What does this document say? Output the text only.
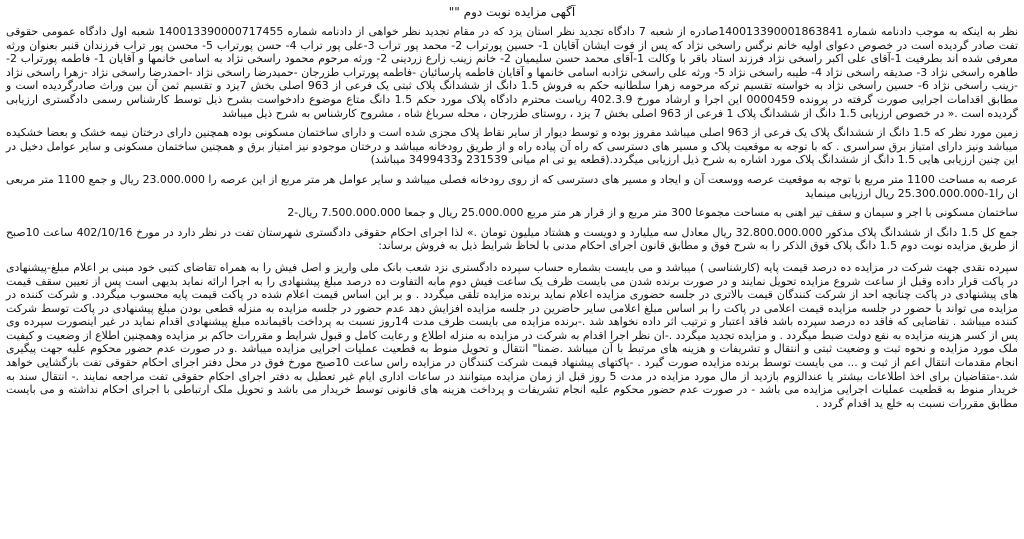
آگهی مزایده نوبت دوم ""

نظر به اینکه به موجب دادنامه شماره 140013390001863841صادره از شعبه 7 دادگاه تجدید نظر استان یزد که در مقام تجدید نظر خواهی از دادنامه شماره 140013390000717455 شعبه اول دادگاه عمومی حقوقی تفت صادر گردیده است در خصوص دعوای اولیه خانم نرگس راسخی نژاد که پس از فوت ایشان آقایان 1- حسین پورتراب 2- محمد پور تراب 3-علی پور تراب 4- حسن پورتراب 5- محسن پور تراب فرزندان قنبر بعنوان ورثه معرفی شده اند بطرفیت 1-آقای علی اکبر راسخی نژاد فرزند استاد باقر با وکالت 1-آقای محمد حسن سلیمیان 2- خانم زینب زارع زردینی 2- ورثه مرحوم محمود راسخی نژاد به اسامی خانمها و آقایان 1- فاطمه پورتراب 2- طاهره راسخی نژاد 3- صدیقه راسخی نژاد 4- طیبه راسخی نژاد 5- ورثه علی راسخی نژادبه اسامی خانمها و آقایان فاطمه پارسائیان -فاطمه پورتراب طزرجان -حمیدرضا راسخی نژاد -احمدرضا راسخی نژاد -زهرا راسخی نژاد -زینب راسخی نژاد 6- حسین راسخی نژاد به خواسته تقسیم ترکه مرحومه زهرا سلطانیه حکم به فروش 1.5 دانگ از ششدانگ پلاک ثبتی یک فرعی از 963 اصلی بخش 7یزد و تقسیم ثمن آن بین وراث صادرگردیده است و مطابق اقدامات اجرایی صورت گرفته در پرونده 0000459 این اجرا و ارشاد مورخ 402.3.9 ریاست محترم دادگاه پلاک مورد حکم 1.5 دانگ متاع موضوع دادخواست بشرح ذیل توسط کارشناس رسمی دادگستری ارزیابی گردیده است .« در خصوص ارزیابی 1.5 دانگ از ششدانگ پلاک 1 فرعی از 963 اصلی بخش 7 یزد ، روستای طزرجان ، محله سرباغ شاه ، مشروح کارشناس به شرح ذیل میباشد

زمین مورد نظر که 1.5 دانگ از ششدانگ پلاک یک فرعی از 963 اصلی میباشد مفروز بوده و توسط دیوار از سایر نقاط پلاک مجزی شده است و دارای ساختمان مسکونی بوده همچنین دارای درختان نیمه خشک و بعضا خشکیده میباشد ونیز دارای امتیاز برق سراسری . که با توجه به موقعیت پلاک و مسیر های دسترسی که راه آن پیاده راه و از طریق رودخانه میباشد و درختان موجودو نیز امتیاز برق و همچنین ساختمان مسکونی و سایر عوامل دخیل در این چنین ارزیابی هایی 1.5 دانگ از ششدانگ پلاک مورد اشاره به شرح ذیل ارزیابی میگردد.(قطعه یو تی ام میانی 231539 و3499433 میباشد)

عرصه به مساحت 1100 متر مربع با توجه به موقعیت عرصه ووسعت آن و ایجاد و مسیر های دسترسی که از روی رودخانه فصلی میباشد و سایر عوامل هر متر مربع از این عرصه را 23.000.000 ریال و جمع 1100 متر مربعی ان را1-25.300.000.000 ریال ارزیابی مینماید

ساختمان مسکونی با اجر و سیمان و سقف تیر اهنی به مساحت مجموعا 300 متر مربع و از قرار هر متر مربع 25.000.000 ریال و جمعا 7.500.000.000 ریال-2

جمع کل 1.5 دانگ از ششدانگ پلاک مذکور 32.800.000.000 ریال معادل سه میلیارد و دویست و هشتاد میلیون تومان .» لذا اجرای احکام حقوقی دادگستری شهرستان تفت در نظر دارد در مورخ 402/10/16 ساعت 10صبح از طریق مزایده نوبت دوم 1.5 دانگ پلاک فوق الذکر را به شرح فوق و مطابق قانون اجرای احکام مدنی با لحاظ شرایط ذیل به فروش برساند:

سپرده نقدی جهت شرکت در مزایده ده درصد قیمت پایه (کارشناسی ) میباشد و می بایست بشماره حساب سپرده دادگستری نزد شعب بانک ملی واریز و اصل فیش را به همراه تقاضای کتبی خود مبنی بر اعلام مبلغ-پیشنهادی در پاکت قرار داده وقبل از ساعت شروع مزایده تحویل نمایند و در صورت برنده شدن می بایست ظرف یک ساعت فیش دوم مابه التفاوت ده درصد مبلغ پیشنهادی را به اجرا ارائه نماید بدیهی است پس از تعیین سقف قیمت های پیشنهادی در پاکت چنانچه احد از شرکت کنندگان قیمت بالاتری در جلسه حضوری مزایده اعلام نماید برنده مزایده تلقی میگردد . و بر این اساس قیمت اعلام شده در پاکت قیمت پایه محسوب میگردد. و شرکت کننده در مزایده می تواند با حضور در جلسه مزایده قیمت اعلامی در پاکت را بر اساس مبلغ اعلامی سایر حاضرین در جلسه مزایده افزایش دهد عدم حضور در جلسه مزایده به منزله قطعی بودن مبلغ پیشنهادی در پاکت توسط شرکت کننده میباشد . تقاضایی که فاقد ده درصد سپرده باشد فاقد اعتبار و ترتیب اثر داده نخواهد شد .-برنده مزایده می بایست ظرف مدت 14روز نسبت به پرداخت باقیمانده مبلغ پیشنهادی اقدام نماید در غیر اینصورت سپرده وی پس از کسر هزینه مزایده به نفع دولت ضبط میگردد . و مزایده تجدید میگردد .-ان نظر اجرا اقدام به شرکت در مزایده به منزله اطلاع و رعایت کامل و قبول شرایط و مقررات حاکم بر مزایده وهمچنین اطلاع از وضعیت و کیفیت ملک مورد مزایده و نحوه ثبت و وضعیت ثبتی و انتقال و تشریفات و هزینه های مرتبط با آن میباشد .ضمنا" انتقال و تحویل منوط به قطعیت عملیات اجرایی مزایده میباشد .و در صورت عدم حضور محکوم علیه جهت پیگیری انجام مقدمات انتقال اعم از ثبت و ... می بایست توسط برنده مزایده صورت گیرد . -پاکتهای پیشنهاد قیمت شرکت کنندگان در مزایده راس ساعت 10صبح مورخ فوق در محل دفتر اجرای احکام حقوقی تفت بازگشایی خواهد شد.-متقاضیان برای اخذ اطلاعات بیشتر یا عندالزوم بازدید از مال مورد مزایده در مدت 5 روز قبل از زمان مزایده میتوانند در ساعات اداری ایام غیر تعطیل به دفتر اجرای احکام حقوقی تفت مراجعه نمایند .- انتقال سند به خریدار منوط به قطعیت عملیات اجرایی مزایده می باشد - در صورت عدم حضور محکوم علیه انجام تشریفات و پرداخت هزینه های قانونی توسط خریدار می باشد و تحویل ملک ارتباطی با اجرای احکام نداشته و می بایست مطابق مقررات نسبت به خلع ید اقدام گردد .
